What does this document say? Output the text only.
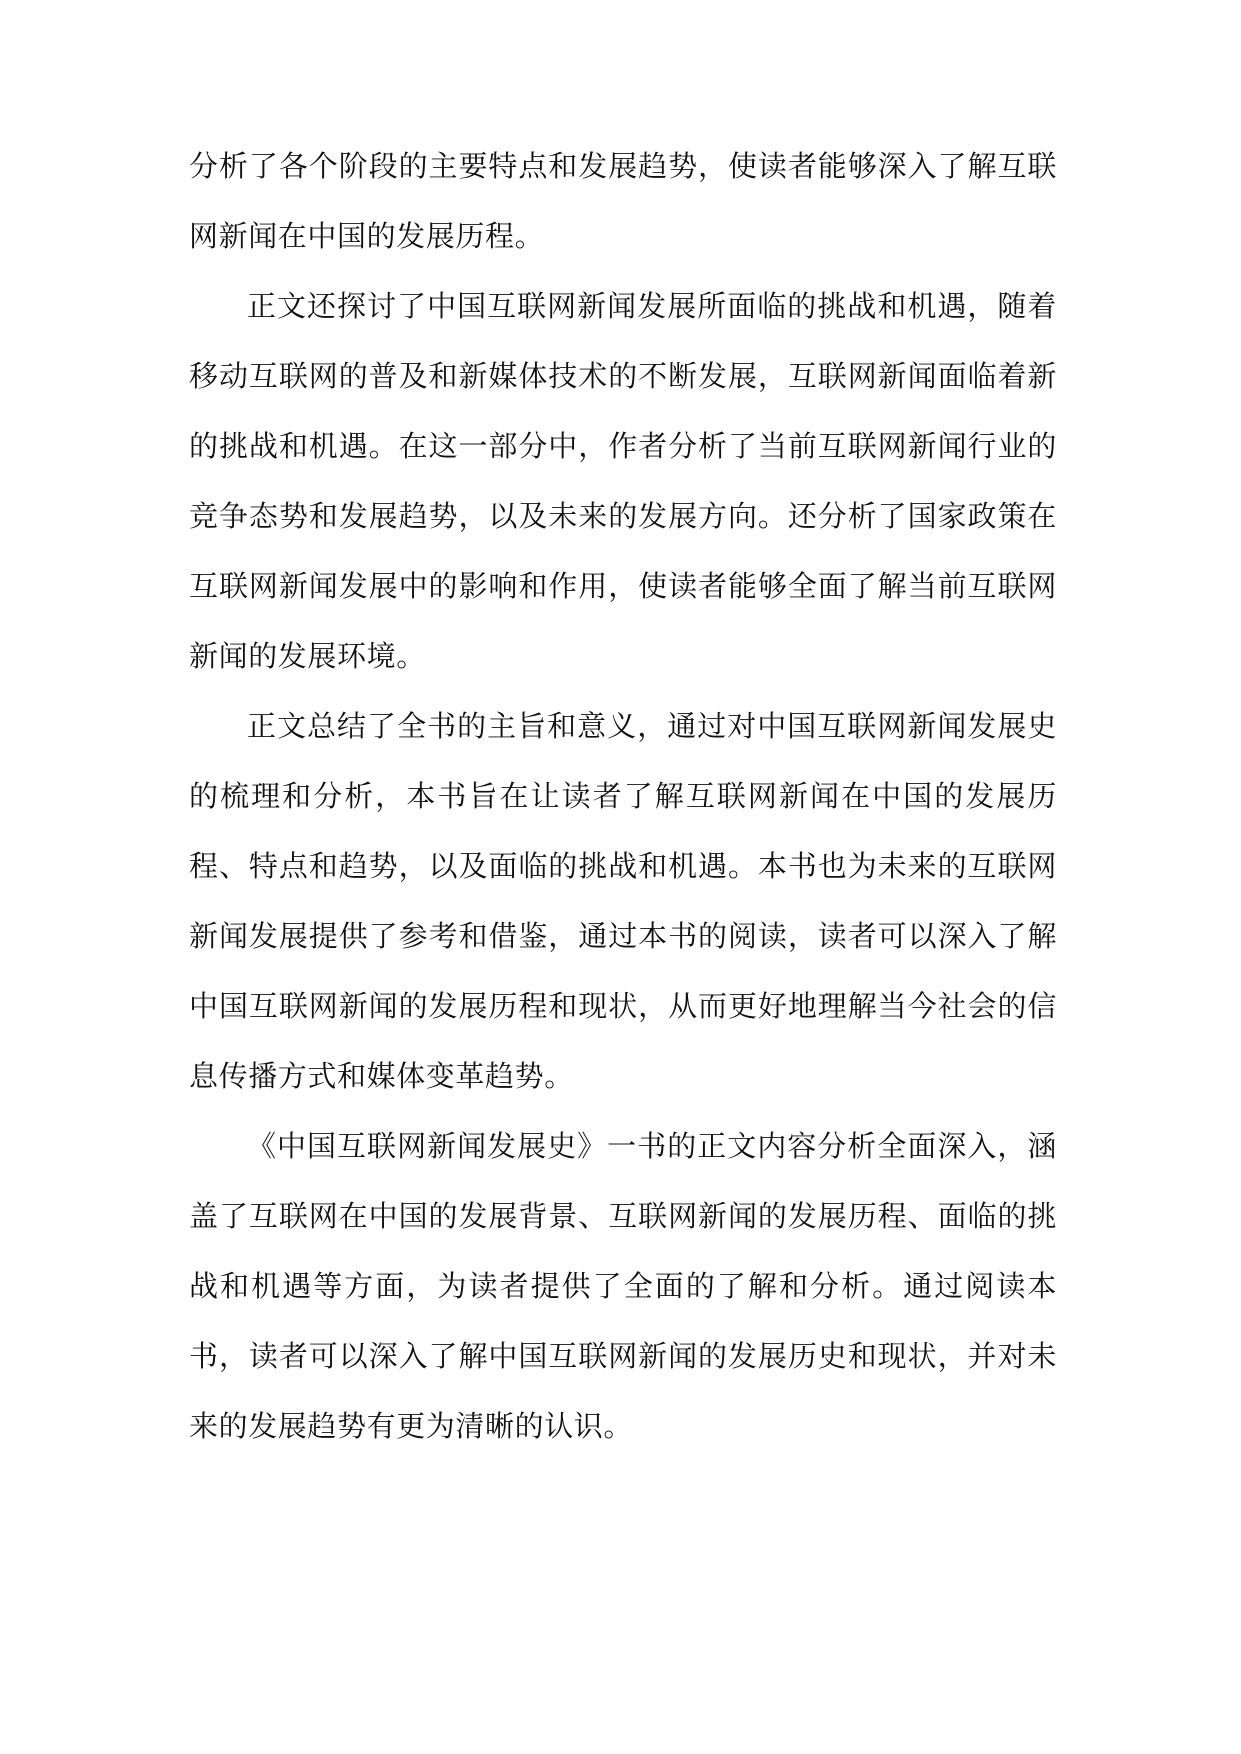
分析了各个阶段的主要特点和发展趋势，使读者能够深入了解互联网新闻在中国的发展历程。

正文还探讨了中国互联网新闻发展所面临的挑战和机遇，随着移动互联网的普及和新媒体技术的不断发展，互联网新闻面临着新的挑战和机遇。在这一部分中，作者分析了当前互联网新闻行业的竞争态势和发展趋势，以及未来的发展方向。还分析了国家政策在互联网新闻发展中的影响和作用，使读者能够全面了解当前互联网新闻的发展环境。

正文总结了全书的主旨和意义，通过对中国互联网新闻发展史的梳理和分析，本书旨在让读者了解互联网新闻在中国的发展历程、特点和趋势，以及面临的挑战和机遇。本书也为未来的互联网新闻发展提供了参考和借鉴，通过本书的阅读，读者可以深入了解中国互联网新闻的发展历程和现状，从而更好地理解当今社会的信息传播方式和媒体变革趋势。

《中国互联网新闻发展史》一书的正文内容分析全面深入，涵盖了互联网在中国的发展背景、互联网新闻的发展历程、面临的挑战和机遇等方面，为读者提供了全面的了解和分析。通过阅读本书，读者可以深入了解中国互联网新闻的发展历史和现状，并对未来的发展趋势有更为清晰的认识。
